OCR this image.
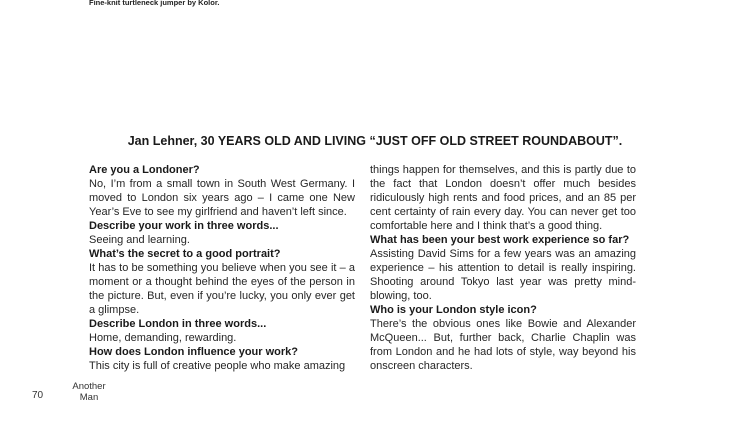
Fine-knit turtleneck jumper by Kolor.
Jan Lehner, 30 YEARS OLD AND LIVING “JUST OFF OLD STREET ROUNDABOUT”.
Are you a Londoner?
No, I’m from a small town in South West Germany. I moved to London six years ago – I came one New Year’s Eve to see my girlfriend and haven’t left since.
Describe your work in three words...
Seeing and learning.
What’s the secret to a good portrait?
It has to be something you believe when you see it – a moment or a thought behind the eyes of the person in the picture. But, even if you’re lucky, you only ever get a glimpse.
Describe London in three words...
Home, demanding, rewarding.
How does London influence your work?
This city is full of creative people who make amazing
things happen for themselves, and this is partly due to the fact that London doesn’t offer much besides ridiculously high rents and food prices, and an 85 per cent certainty of rain every day. You can never get too comfortable here and I think that’s a good thing.
What has been your best work experience so far?
Assisting David Sims for a few years was an amazing experience – his attention to detail is really inspiring. Shooting around Tokyo last year was pretty mind-blowing, too.
Who is your London style icon?
There’s the obvious ones like Bowie and Alexander McQueen... But, further back, Charlie Chaplin was from London and he had lots of style, way beyond his onscreen characters.
70
Another
Man
